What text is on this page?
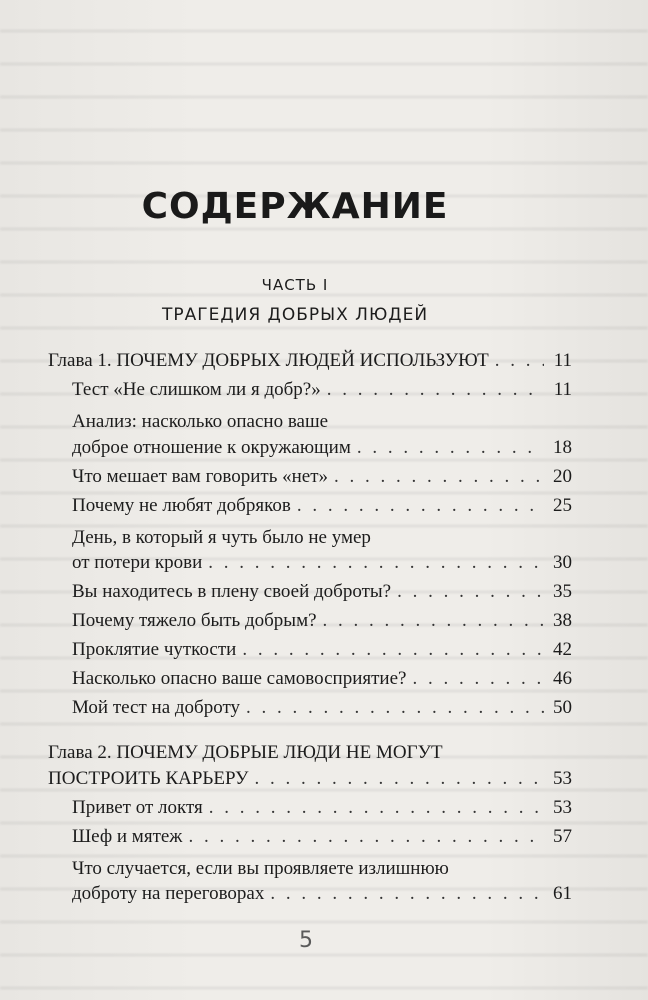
СОДЕРЖАНИЕ
ЧАСТЬ I
ТРАГЕДИЯ ДОБРЫХ ЛЮДЕЙ
Глава 1. ПОЧЕМУ ДОБРЫХ ЛЮДЕЙ ИСПОЛЬЗУЮТ . . .	11
Тест «Не слишком ли я добр?» . . .	11
Анализ: насколько опасно ваше
доброе отношение к окружающим . . .	18
Что мешает вам говорить «нет» . . .	20
Почему не любят добряков . . .	25
День, в который я чуть было не умер
от потери крови . . .	30
Вы находитесь в плену своей доброты? . . .	35
Почему тяжело быть добрым? . . .	38
Проклятие чуткости . . .	42
Насколько опасно ваше самовосприятие? . . .	46
Мой тест на доброту . . .	50
Глава 2. ПОЧЕМУ ДОБРЫЕ ЛЮДИ НЕ МОГУТ
ПОСТРОИТЬ КАРЬЕРУ . . .	53
Привет от локтя . . .	53
Шеф и мятеж . . .	57
Что случается, если вы проявляете излишнюю
доброту на переговорах . . .	61
5
